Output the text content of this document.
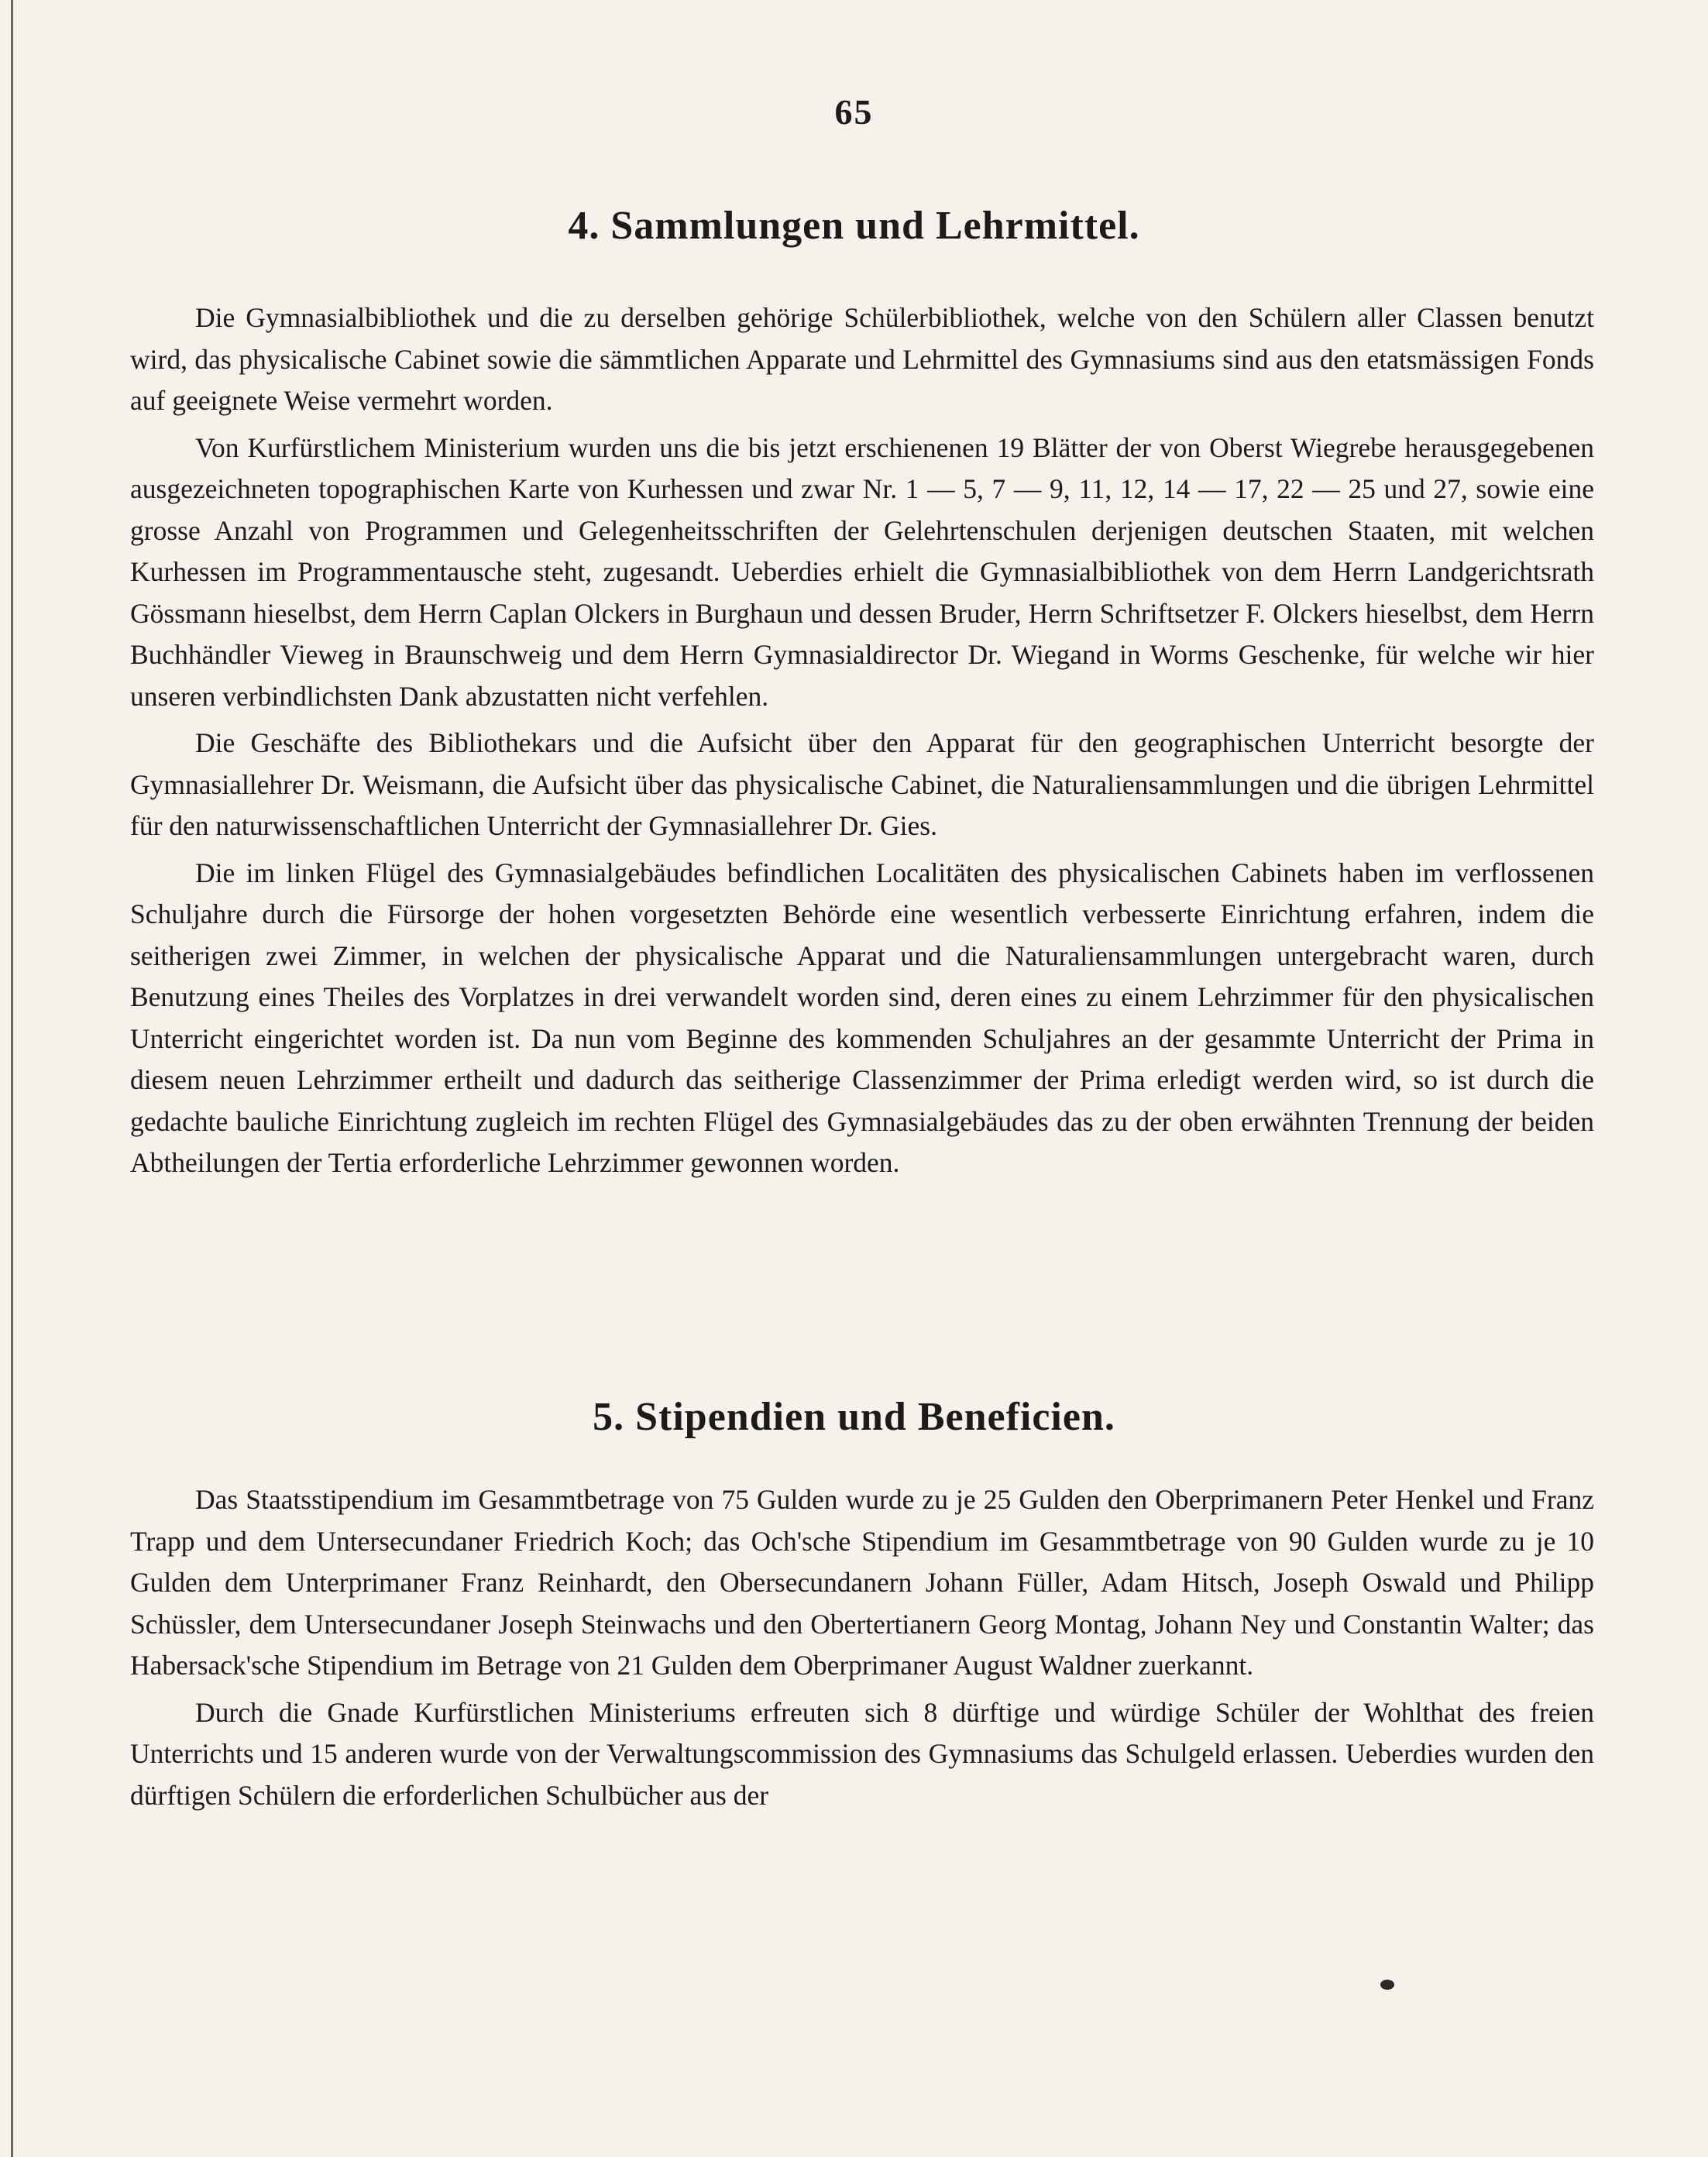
65
4. Sammlungen und Lehrmittel.

Die Gymnasialbibliothek und die zu derselben gehörige Schülerbibliothek, welche von den Schülern aller Classen benutzt wird, das physicalische Cabinet sowie die sämmtlichen Apparate und Lehrmittel des Gymnasiums sind aus den etatsmässigen Fonds auf geeignete Weise vermehrt worden.

Von Kurfürstlichem Ministerium wurden uns die bis jetzt erschienenen 19 Blätter der von Oberst Wiegrebe herausgegebenen ausgezeichneten topographischen Karte von Kurhessen und zwar Nr. 1 — 5, 7 — 9, 11, 12, 14 — 17, 22 — 25 und 27, sowie eine grosse Anzahl von Programmen und Gelegenheitsschriften der Gelehrtenschulen derjenigen deutschen Staaten, mit welchen Kurhessen im Programmentausche steht, zugesandt. Ueberdies erhielt die Gymnasialbibliothek von dem Herrn Landgerichtsrath Gössmann hieselbst, dem Herrn Caplan Olckers in Burghaun und dessen Bruder, Herrn Schriftsetzer F. Olckers hieselbst, dem Herrn Buchhändler Vieweg in Braunschweig und dem Herrn Gymnasialdirector Dr. Wiegand in Worms Geschenke, für welche wir hier unseren verbindlichsten Dank abzustatten nicht verfehlen.

Die Geschäfte des Bibliothekars und die Aufsicht über den Apparat für den geographischen Unterricht besorgte der Gymnasiallehrer Dr. Weismann, die Aufsicht über das physicalische Cabinet, die Naturaliensammlungen und die übrigen Lehrmittel für den naturwissenschaftlichen Unterricht der Gymnasiallehrer Dr. Gies.

Die im linken Flügel des Gymnasialgebäudes befindlichen Localitäten des physicalischen Cabinets haben im verflossenen Schuljahre durch die Fürsorge der hohen vorgesetzten Behörde eine wesentlich verbesserte Einrichtung erfahren, indem die seitherigen zwei Zimmer, in welchen der physicalische Apparat und die Naturaliensammlungen untergebracht waren, durch Benutzung eines Theiles des Vorplatzes in drei verwandelt worden sind, deren eines zu einem Lehrzimmer für den physicalischen Unterricht eingerichtet worden ist. Da nun vom Beginne des kommenden Schuljahres an der gesammte Unterricht der Prima in diesem neuen Lehrzimmer ertheilt und dadurch das seitherige Classenzimmer der Prima erledigt werden wird, so ist durch die gedachte bauliche Einrichtung zugleich im rechten Flügel des Gymnasialgebäudes das zu der oben erwähnten Trennung der beiden Abtheilungen der Tertia erforderliche Lehrzimmer gewonnen worden.

5. Stipendien und Beneficien.

Das Staatsstipendium im Gesammtbetrage von 75 Gulden wurde zu je 25 Gulden den Oberprimanern Peter Henkel und Franz Trapp und dem Untersecundaner Friedrich Koch; das Och'sche Stipendium im Gesammtbetrage von 90 Gulden wurde zu je 10 Gulden dem Unterprimaner Franz Reinhardt, den Obersecundanern Johann Füller, Adam Hitsch, Joseph Oswald und Philipp Schüssler, dem Untersecundaner Joseph Steinwachs und den Obertertianern Georg Montag, Johann Ney und Constantin Walter; das Habersack'sche Stipendium im Betrage von 21 Gulden dem Oberprimaner August Waldner zuerkannt.

Durch die Gnade Kurfürstlichen Ministeriums erfreuten sich 8 dürftige und würdige Schüler der Wohlthat des freien Unterrichts und 15 anderen wurde von der Verwaltungscommission des Gymnasiums das Schulgeld erlassen. Ueberdies wurden den dürftigen Schülern die erforderlichen Schulbücher aus der
